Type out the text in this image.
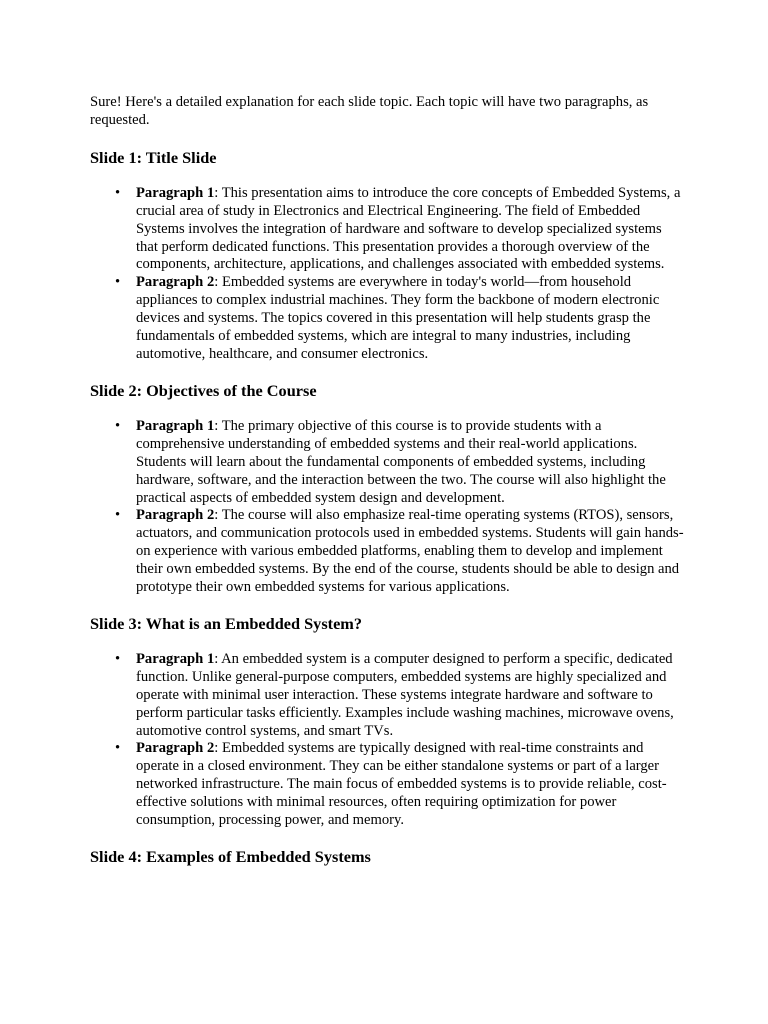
Sure! Here's a detailed explanation for each slide topic. Each topic will have two paragraphs, as requested.

Slide 1: Title Slide
• Paragraph 1: This presentation aims to introduce the core concepts of Embedded Systems, a crucial area of study in Electronics and Electrical Engineering. The field of Embedded Systems involves the integration of hardware and software to develop specialized systems that perform dedicated functions. This presentation provides a thorough overview of the components, architecture, applications, and challenges associated with embedded systems.
• Paragraph 2: Embedded systems are everywhere in today's world—from household appliances to complex industrial machines. They form the backbone of modern electronic devices and systems. The topics covered in this presentation will help students grasp the fundamentals of embedded systems, which are integral to many industries, including automotive, healthcare, and consumer electronics.
Slide 2: Objectives of the Course
• Paragraph 1: The primary objective of this course is to provide students with a comprehensive understanding of embedded systems and their real-world applications. Students will learn about the fundamental components of embedded systems, including hardware, software, and the interaction between the two. The course will also highlight the practical aspects of embedded system design and development.
• Paragraph 2: The course will also emphasize real-time operating systems (RTOS), sensors, actuators, and communication protocols used in embedded systems. Students will gain hands-on experience with various embedded platforms, enabling them to develop and implement their own embedded systems. By the end of the course, students should be able to design and prototype their own embedded systems for various applications.
Slide 3: What is an Embedded System?
• Paragraph 1: An embedded system is a computer designed to perform a specific, dedicated function. Unlike general-purpose computers, embedded systems are highly specialized and operate with minimal user interaction. These systems integrate hardware and software to perform particular tasks efficiently. Examples include washing machines, microwave ovens, automotive control systems, and smart TVs.
• Paragraph 2: Embedded systems are typically designed with real-time constraints and operate in a closed environment. They can be either standalone systems or part of a larger networked infrastructure. The main focus of embedded systems is to provide reliable, cost-effective solutions with minimal resources, often requiring optimization for power consumption, processing power, and memory.
Slide 4: Examples of Embedded Systems
